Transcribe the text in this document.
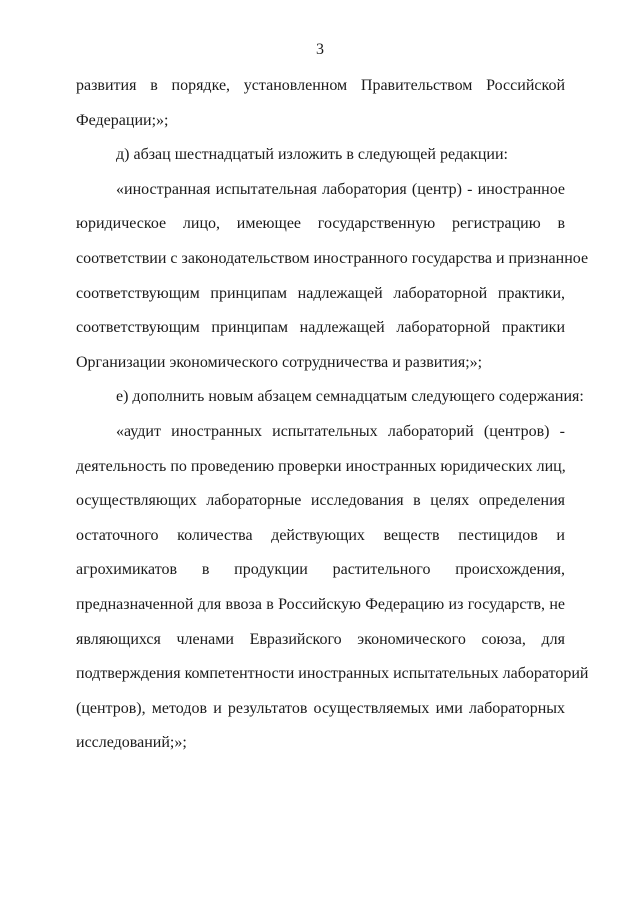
3
развития в порядке, установленном Правительством Российской
Федерации;»;
д) абзац шестнадцатый изложить в следующей редакции:
«иностранная испытательная лаборатория (центр) - иностранное
юридическое лицо, имеющее государственную регистрацию в
соответствии с законодательством иностранного государства и признанное
соответствующим принципам надлежащей лабораторной практики,
соответствующим принципам надлежащей лабораторной практики
Организации экономического сотрудничества и развития;»;
е) дополнить новым абзацем семнадцатым следующего содержания:
«аудит иностранных испытательных лабораторий (центров) -
деятельность по проведению проверки иностранных юридических лиц,
осуществляющих лабораторные исследования в целях определения
остаточного количества действующих веществ пестицидов и
агрохимикатов в продукции растительного происхождения,
предназначенной для ввоза в Российскую Федерацию из государств, не
являющихся членами Евразийского экономического союза, для
подтверждения компетентности иностранных испытательных лабораторий
(центров), методов и результатов осуществляемых ими лабораторных
исследований;»;
